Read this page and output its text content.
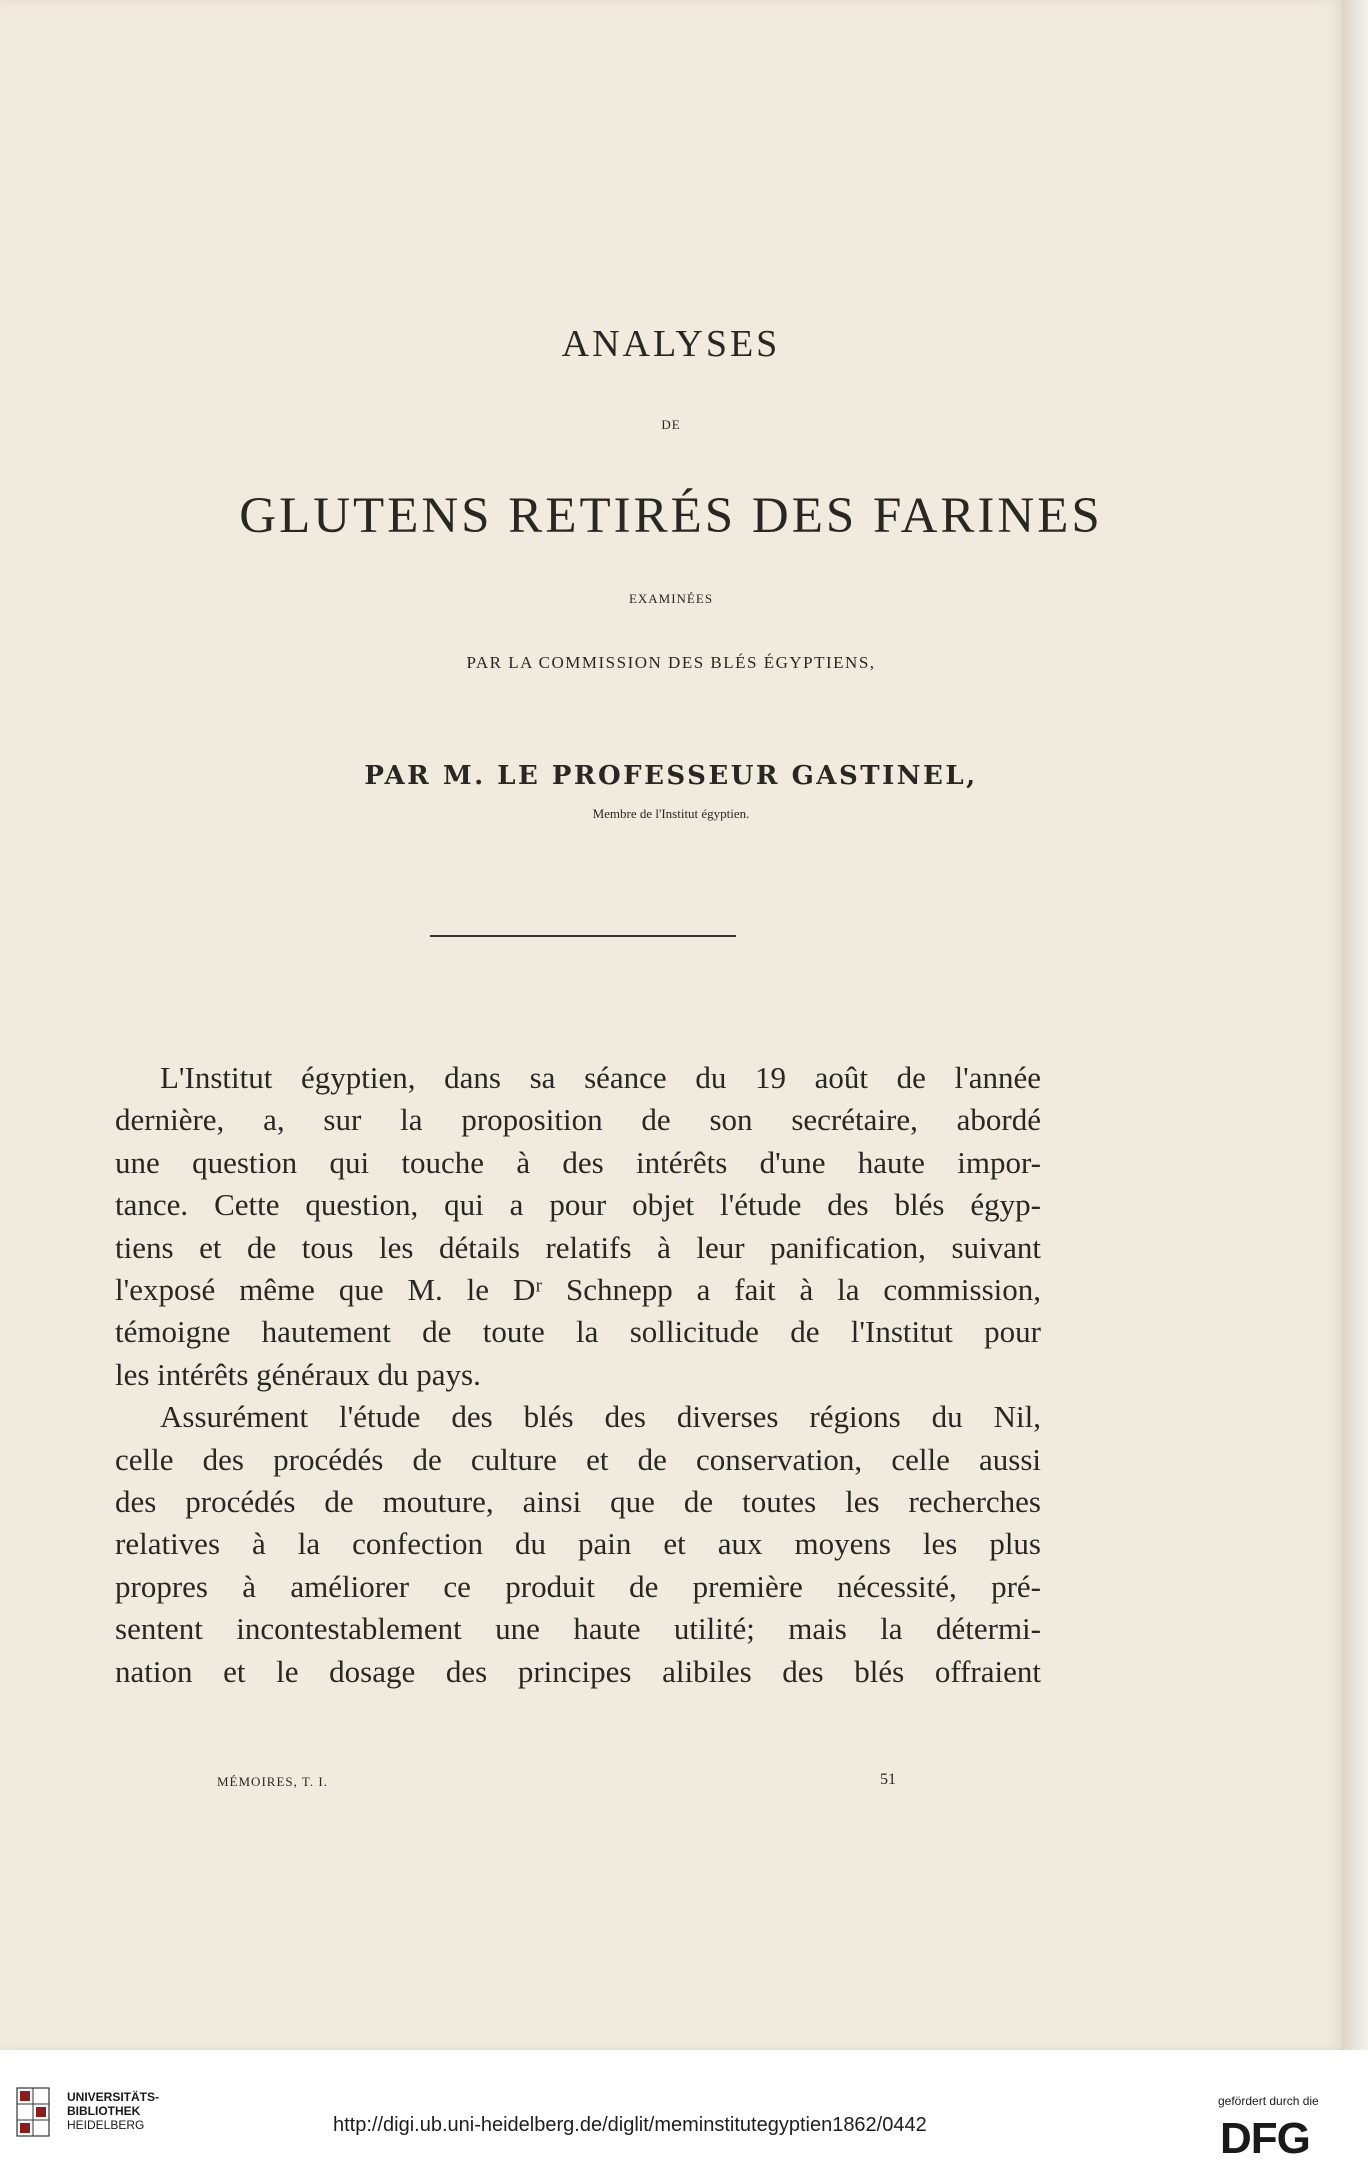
ANALYSES
DE
GLUTENS RETIRÉS DES FARINES
EXAMINÉES
PAR LA COMMISSION DES BLÉS ÉGYPTIENS,
PAR M. LE PROFESSEUR GASTINEL,
Membre de l'Institut égyptien.
L'Institut égyptien, dans sa séance du 19 août de l'année
dernière, a, sur la proposition de son secrétaire, abordé
une question qui touche à des intérêts d'une haute impor-
tance. Cette question, qui a pour objet l'étude des blés égyp-
tiens et de tous les détails relatifs à leur panification, suivant
l'exposé même que M. le Dʳ Schnepp a fait à la commission,
témoigne hautement de toute la sollicitude de l'Institut pour
les intérêts généraux du pays.
Assurément l'étude des blés des diverses régions du Nil,
celle des procédés de culture et de conservation, celle aussi
des procédés de mouture, ainsi que de toutes les recherches
relatives à la confection du pain et aux moyens les plus
propres à améliorer ce produit de première nécessité, pré-
sentent incontestablement une haute utilité; mais la détermi-
nation et le dosage des principes alibiles des blés offraient
MÉMOIRES, T. I.	51
UNIVERSITÄTS-
BIBLIOTHEK
HEIDELBERG	http://digi.ub.uni-heidelberg.de/diglit/meminstitutegyptien1862/0442
gefördert durch die
DFG
